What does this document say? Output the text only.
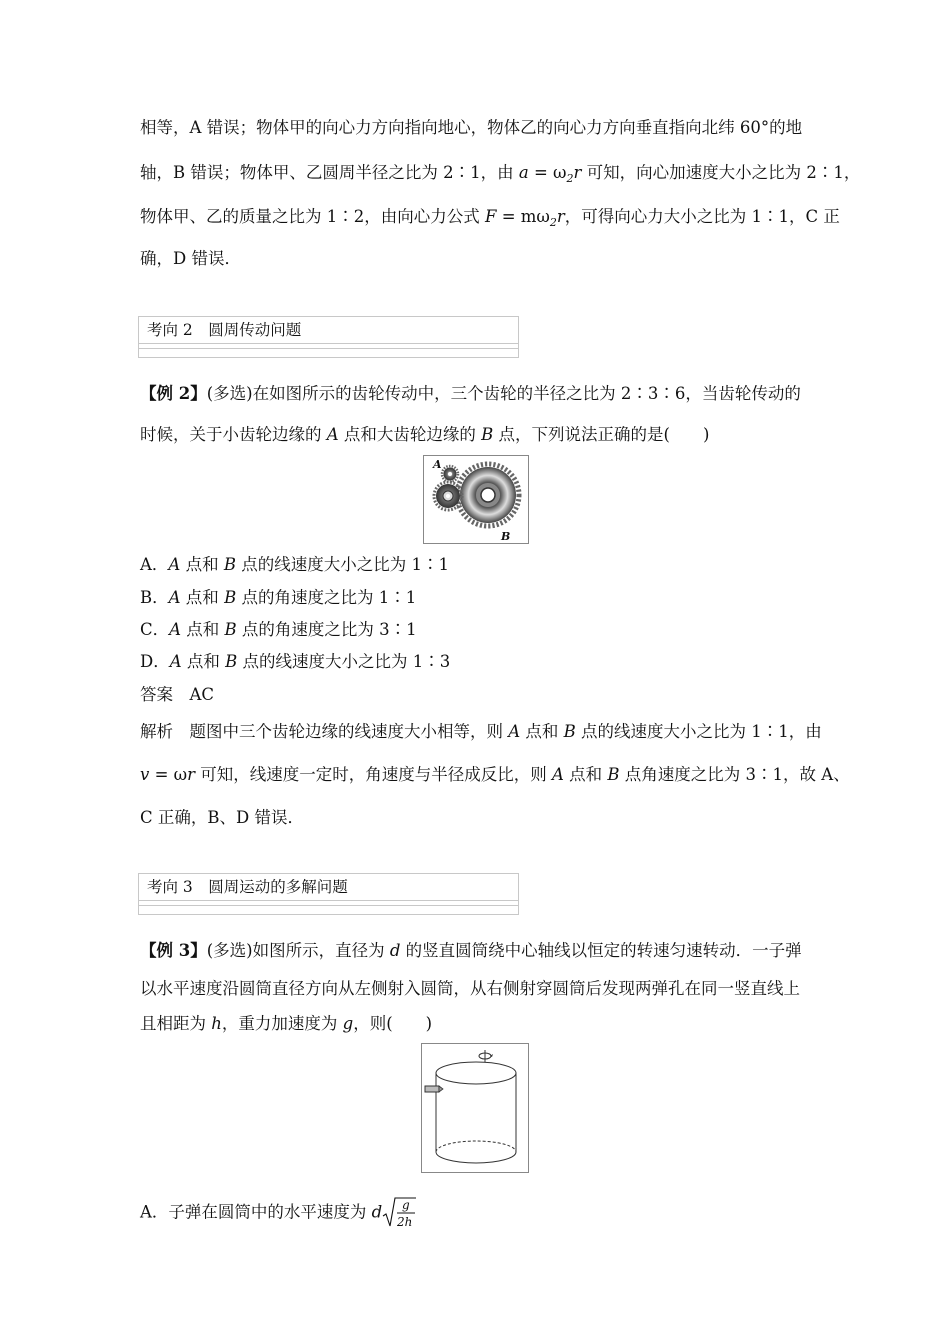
相等，A 错误；物体甲的向心力方向指向地心，物体乙的向心力方向垂直指向北纬 60°的地
轴，B 错误；物体甲、乙圆周半径之比为 2∶1，由 $a = \omega_2r$ 可知，向心加速度大小之比为 2∶1，
物体甲、乙的质量之比为 1∶2，由向心力公式 $F = m\omega_2r$，可得向心力大小之比为 1∶1，C 正
确，D 错误．
考向 2　圆周传动问题
【例 2】(多选)在如图所示的齿轮传动中，三个齿轮的半径之比为 2∶3∶6，当齿轮传动的
时候，关于小齿轮边缘的 A 点和大齿轮边缘的 B 点，下列说法正确的是(　　)
A
B
A．A 点和 B 点的线速度大小之比为 1∶1
B．A 点和 B 点的角速度之比为 1∶1
C．A 点和 B 点的角速度之比为 3∶1
D．A 点和 B 点的线速度大小之比为 1∶3
答案　 AC
解析　 题图中三个齿轮边缘的线速度大小相等，则 A 点和 B 点的线速度大小之比为 1∶1，由
v = ωr 可知，线速度一定时，角速度与半径成反比，则 A 点和 B 点角速度之比为 3∶1，故 A、
C 正确，B、D 错误．
考向 3　圆周运动的多解问题
【例 3】(多选)如图所示，直径为 d 的竖直圆筒绕中心轴线以恒定的转速匀速转动．一子弹
以水平速度沿圆筒直径方向从左侧射入圆筒，从右侧射穿圆筒后发现两弹孔在同一竖直线上
且相距为 h，重力加速度为 g，则(　　)
A．子弹在圆筒中的水平速度为 d g
2h
